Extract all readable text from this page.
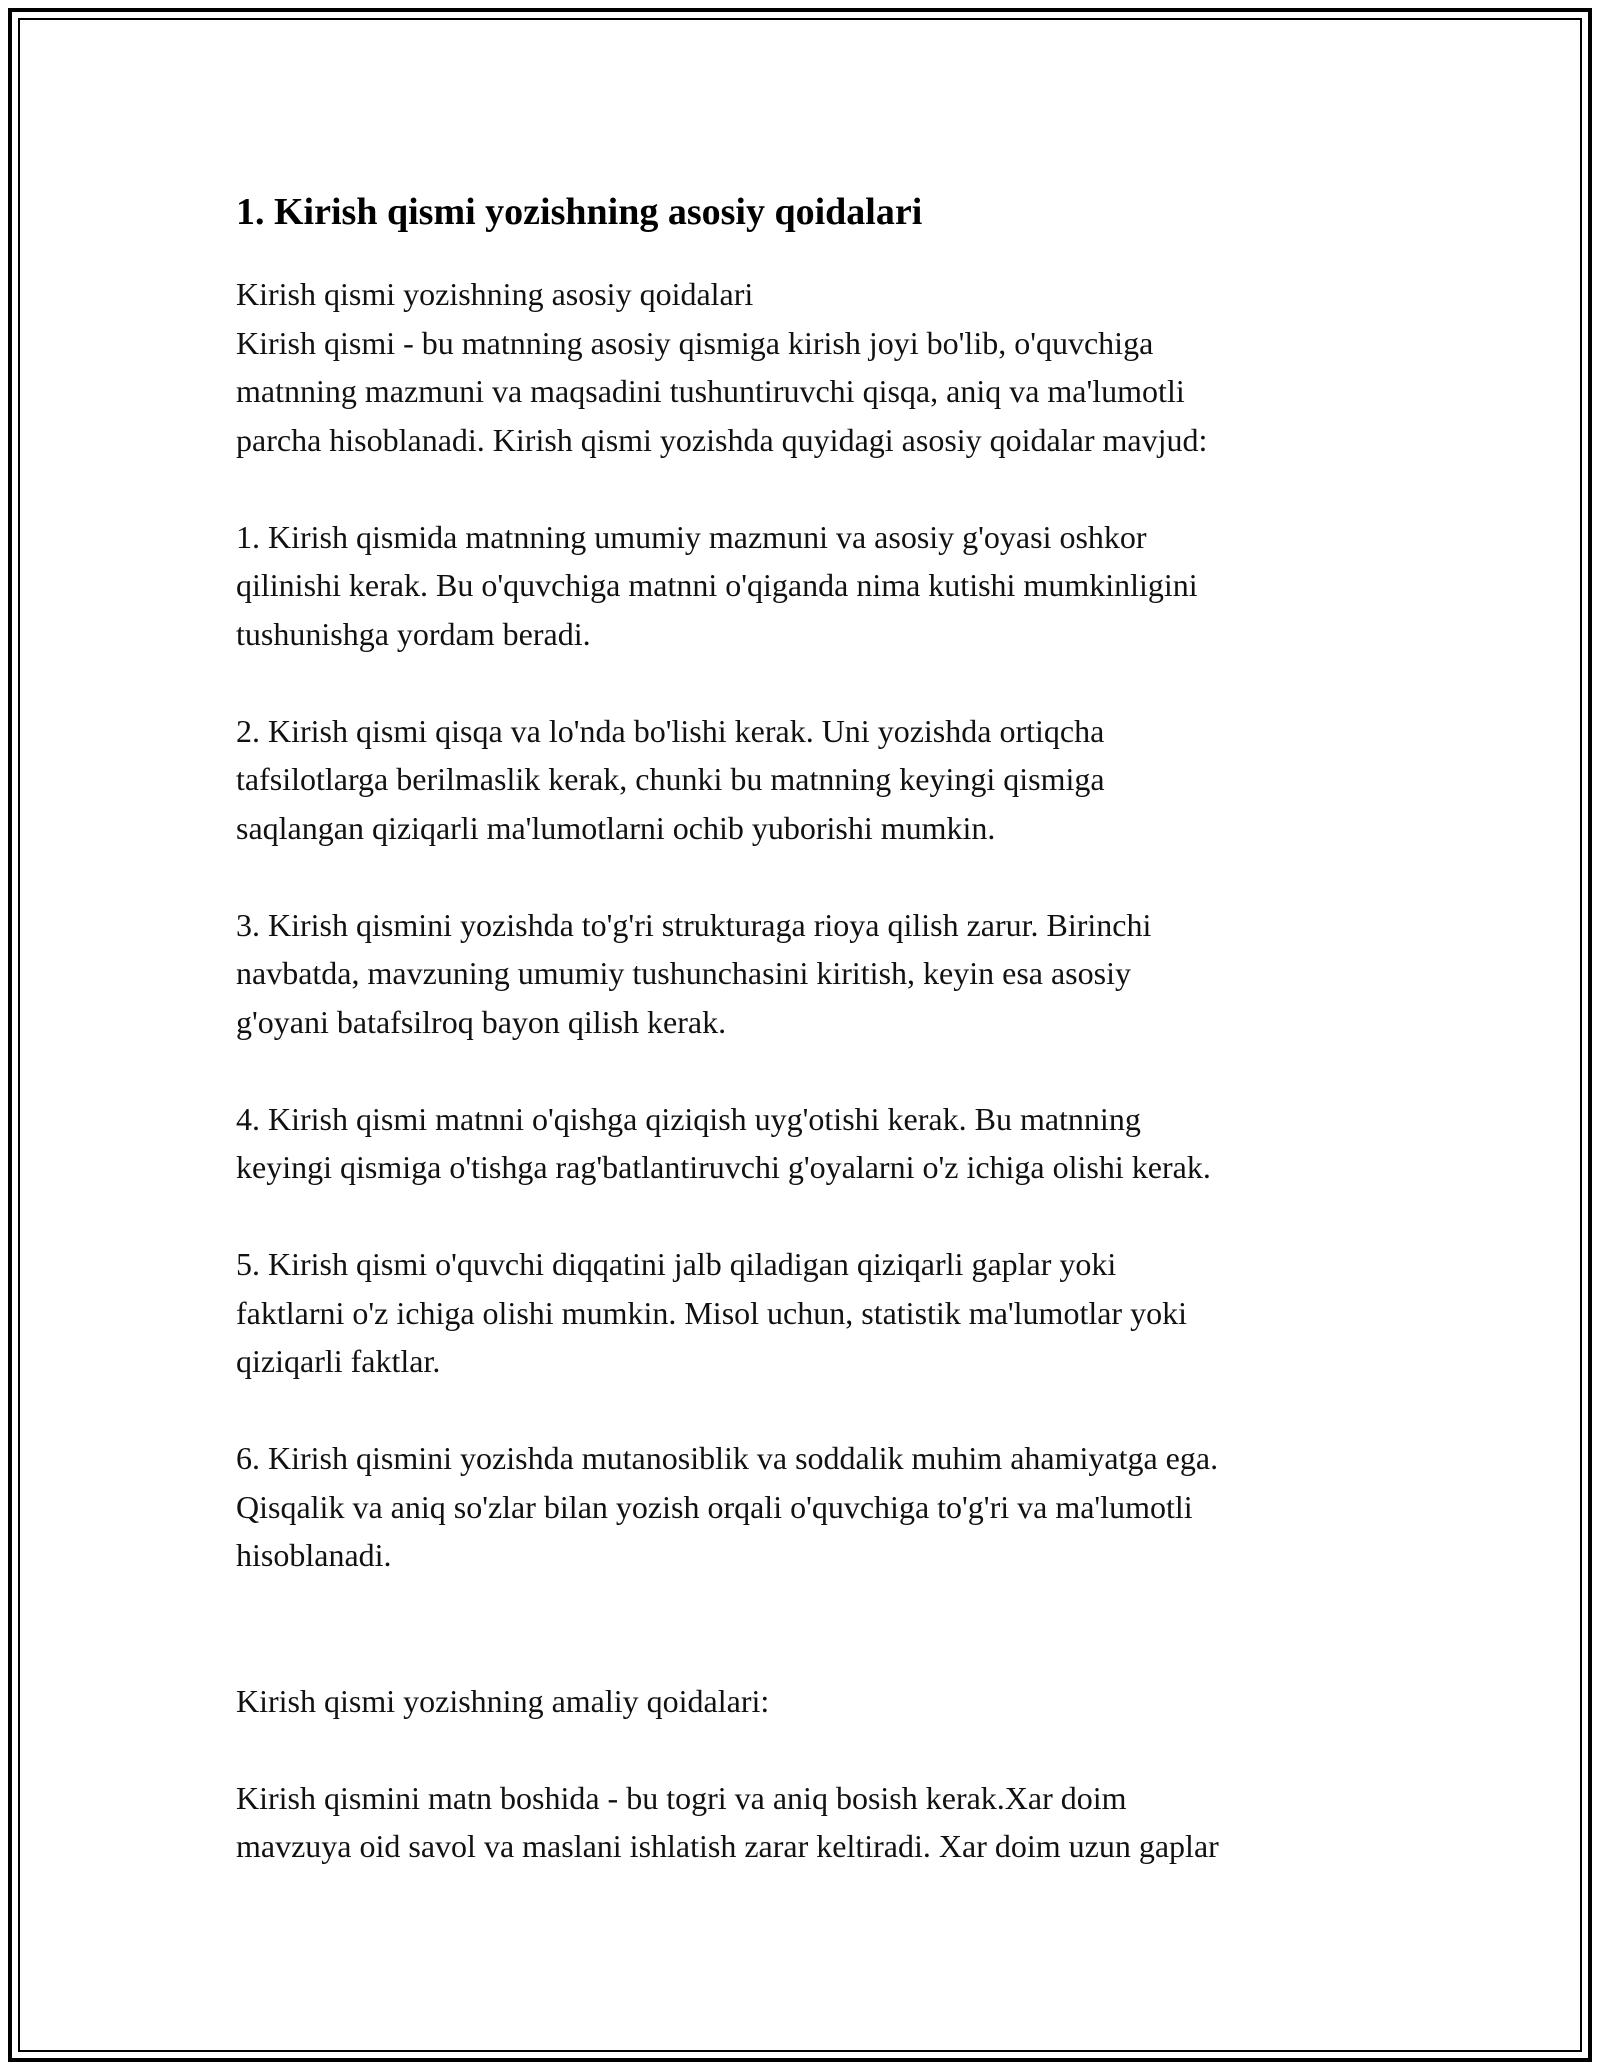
1. Kirish qismi yozishning asosiy qoidalari

Kirish qismi yozishning asosiy qoidalari

Kirish qismi - bu matnning asosiy qismiga kirish joyi bo'lib, o'quvchiga

matnning mazmuni va maqsadini tushuntiruvchi qisqa, aniq va ma'lumotli

parcha hisoblanadi. Kirish qismi yozishda quyidagi asosiy qoidalar mavjud:

1. Kirish qismida matnning umumiy mazmuni va asosiy g'oyasi oshkor

qilinishi kerak. Bu o'quvchiga matnni o'qiganda nima kutishi mumkinligini

tushunishga yordam beradi.

2. Kirish qismi qisqa va lo'nda bo'lishi kerak. Uni yozishda ortiqcha

tafsilotlarga berilmaslik kerak, chunki bu matnning keyingi qismiga

saqlangan qiziqarli ma'lumotlarni ochib yuborishi mumkin.

3. Kirish qismini yozishda to'g'ri strukturaga rioya qilish zarur. Birinchi

navbatda, mavzuning umumiy tushunchasini kiritish, keyin esa asosiy

g'oyani batafsilroq bayon qilish kerak.

4. Kirish qismi matnni o'qishga qiziqish uyg'otishi kerak. Bu matnning

keyingi qismiga o'tishga rag'batlantiruvchi g'oyalarni o'z ichiga olishi kerak.

5. Kirish qismi o'quvchi diqqatini jalb qiladigan qiziqarli gaplar yoki

faktlarni o'z ichiga olishi mumkin. Misol uchun, statistik ma'lumotlar yoki

qiziqarli faktlar.

6. Kirish qismini yozishda mutanosiblik va soddalik muhim ahamiyatga ega.

Qisqalik va aniq so'zlar bilan yozish orqali o'quvchiga to'g'ri va ma'lumotli

hisoblanadi.

Kirish qismi yozishning amaliy qoidalari:

Kirish qismini matn boshida - bu togri va aniq bosish kerak.Xar doim

mavzuya oid savol va maslani ishlatish zarar keltiradi. Xar doim uzun gaplar
